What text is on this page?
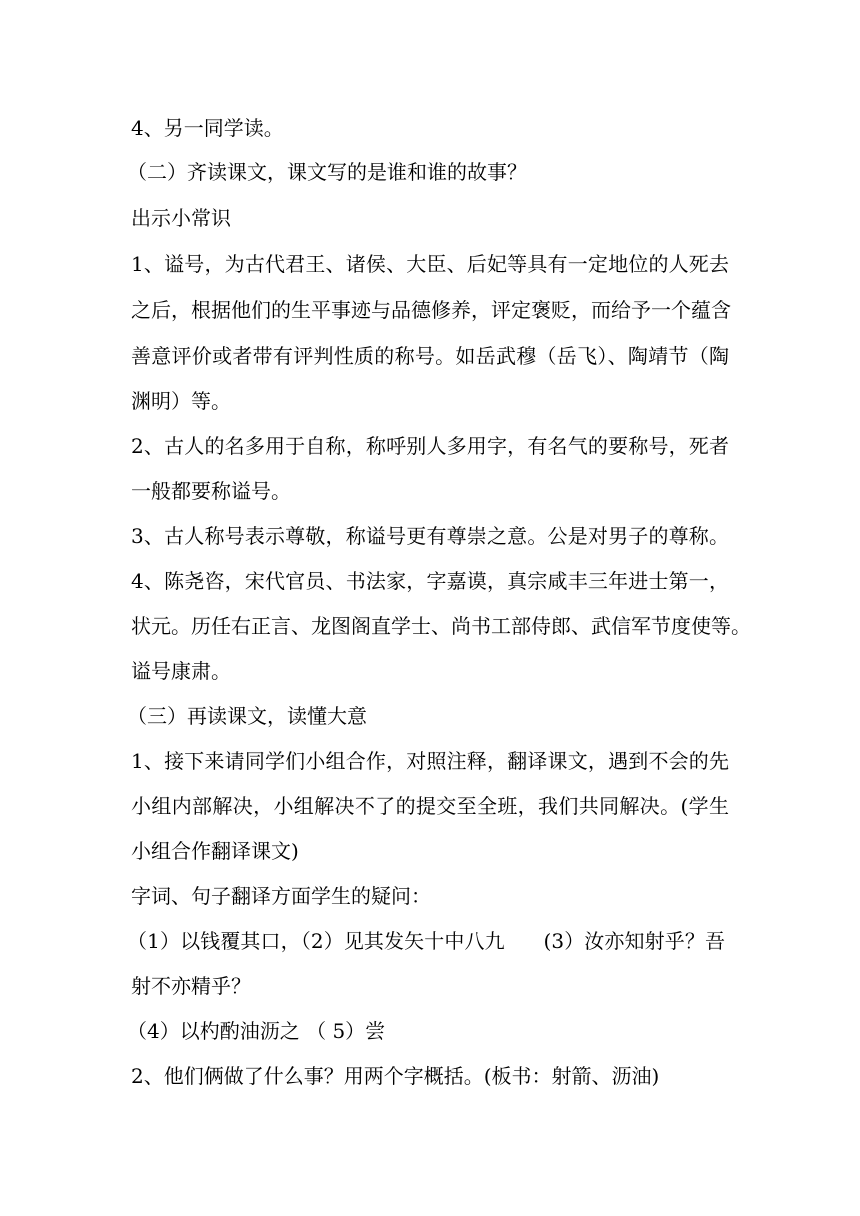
4、另一同学读。
（二）齐读课文，课文写的是谁和谁的故事？
出示小常识
1、谥号，为古代君王、诸侯、大臣、后妃等具有一定地位的人死去
之后，根据他们的生平事迹与品德修养，评定褒贬，而给予一个蕴含
善意评价或者带有评判性质的称号。如岳武穆（岳飞）、陶靖节（陶
渊明）等。
2、古人的名多用于自称，称呼别人多用字，有名气的要称号，死者
一般都要称谥号。
3、古人称号表示尊敬，称谥号更有尊崇之意。公是对男子的尊称。
4、陈尧咨，宋代官员、书法家，字嘉谟，真宗咸丰三年进士第一，
状元。历任右正言、龙图阁直学士、尚书工部侍郎、武信军节度使等。
谥号康肃。
（三）再读课文，读懂大意
1、接下来请同学们小组合作，对照注释，翻译课文，遇到不会的先
小组内部解决，小组解决不了的提交至全班，我们共同解决。(学生
小组合作翻译课文)
字词、句子翻译方面学生的疑问：
（1）以钱覆其口，（2）见其发矢十中八九      (3）汝亦知射乎？吾
射不亦精乎？
（4）以杓酌油沥之 （ 5）尝
2、他们俩做了什么事？用两个字概括。(板书：射箭、沥油)
